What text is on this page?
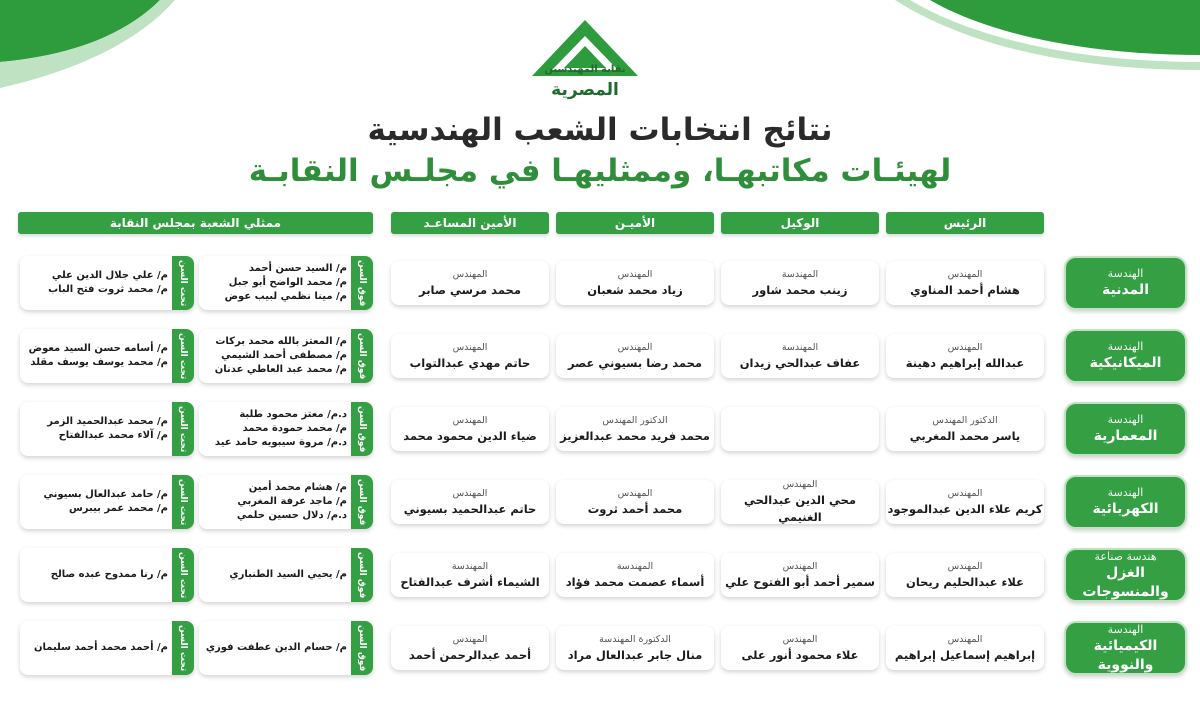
نقابة المهندسين
المصرية
نتائج انتخابات الشعب الهندسية
لهيئـات مكاتبهـا، وممثليهـا في مجلـس النقابـة
الرئيس
الوكيل
الأميـن
الأمين المساعـد
ممثلي الشعبة بمجلس النقابة
الهندسة
المدنية
المهندس
هشام أحمد المناوي
المهندسة
زينب محمد شاور
المهندس
زياد محمد شعبان
المهندس
محمد مرسي صابر
فوق السن
م/ السيد حسن أحمد
م/ محمد الواضح أبو جبل
م/ مينا نظمي لبيب عوض
تحت السن
م/ علي جلال الدين علي
م/ محمد ثروت فتح الباب
الهندسة
الميكانيكية
المهندس
عبدالله إبراهيم دهينة
المهندسة
عفاف عبدالحي زيدان
المهندس
محمد رضا بسيوني عصر
المهندس
حاتم مهدي عبدالتواب
فوق السن
م/ المعتز بالله محمد بركات
م/ مصطفى أحمد الشيمي
م/ محمد عبد العاطي عدنان
تحت السن
م/ أسامه حسن السيد معوض
م/ محمد يوسف يوسف مقلد
الهندسة
المعمارية
الدكتور المهندس
ياسر محمد المغربي
الدكتور المهندس
محمد فريد محمد عبدالعزيز
المهندس
ضياء الدين محمود محمد
فوق السن
د.م/ معتز محمود طلبة
م/ محمد حمودة محمد
د.م/ مروة سيبويه حامد عيد
تحت السن
م/ محمد عبدالحميد الزمر
م/ آلاء محمد عبدالفتاح
الهندسة
الكهربائية
المهندس
كريم علاء الدين عبدالموجود
المهندس
محي الدين عبدالحي الغنيمي
المهندس
محمد أحمد ثروت
المهندس
حاتم عبدالحميد بسيوني
فوق السن
م/ هشام محمد أمين
م/ ماجد عرفة المغربي
د.م/ دلال حسين حلمي
تحت السن
م/ حامد عبدالعال بسيوني
م/ محمد عمر بيبرس
هندسة صناعة
الغزل والمنسوجات
المهندس
علاء عبدالحليم ريحان
المهندس
سمير أحمد أبو الفتوح علي
المهندسة
أسماء عصمت محمد فؤاد
المهندسة
الشيماء أشرف عبدالفتاح
فوق السن
م/ يحيي السيد الطنباري
تحت السن
م/ رنا ممدوح عبده صالح
الهندسة
الكيميائية والنووية
المهندس
إبراهيم إسماعيل إبراهيم
المهندس
علاء محمود أنور على
الدكتورة المهندسة
منال جابر عبدالعال مراد
المهندس
أحمد عبدالرحمن أحمد
فوق السن
م/ حسام الدين عطفت فوزي
تحت السن
م/ أحمد محمد أحمد سليمان
